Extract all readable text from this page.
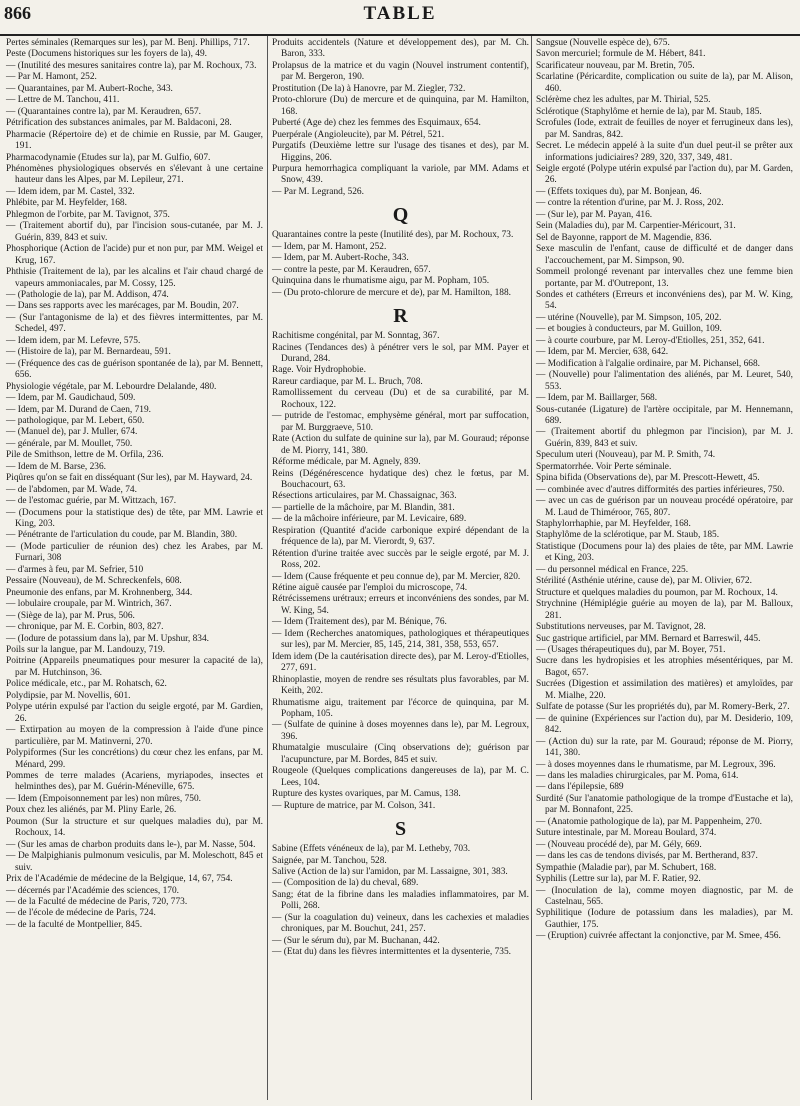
866	TABLE

Pertes séminales (Remarques sur les), par M. Benj. Phillips, 717.

Peste (Documens historiques sur les foyers de la), 49.

— (Inutilité des mesures sanitaires contre la), par M. Rochoux, 73.

— Par M. Hamont, 252.

— Quarantaines, par M. Aubert-Roche, 343.

— Lettre de M. Tanchou, 411.

— (Quarantaines contre la), par M. Keraudren, 657.

Pétrification des substances animales, par M. Baldaconi, 28.

Pharmacie (Répertoire de) et de chimie en Russie, par M. Gauger, 191.

Pharmacodynamie (Etudes sur la), par M. Gulfio, 607.

Phénomènes physiologiques observés en s'élevant à une certaine hauteur dans les Alpes, par M. Lepileur, 271.

— Idem idem, par M. Castel, 332.

Phlébite, par M. Heyfelder, 168.

Phlegmon de l'orbite, par M. Tavignot, 375.

— (Traitement abortif du), par l'incision sous-cutanée, par M. J. Guérin, 839, 843 et suiv.

Phosphorique (Action de l'acide) pur et non pur, par MM. Weigel et Krug, 167.

Phthisie (Traitement de la), par les alcalins et l'air chaud chargé de vapeurs ammoniacales, par M. Cossy, 125.

— (Pathologie de la), par M. Addison, 474.

— Dans ses rapports avec les marécages, par M. Boudin, 207.

— (Sur l'antagonisme de la) et des fièvres intermittentes, par M. Schedel, 497.

— Idem idem, par M. Lefevre, 575.

— (Histoire de la), par M. Bernardeau, 591.

— (Fréquence des cas de guérison spontanée de la), par M. Bennett, 656.

Physiologie végétale, par M. Lebourdre Delalande, 480.

— Idem, par M. Gaudichaud, 509.

— Idem, par M. Durand de Caen, 719.

— pathologique, par M. Lebert, 650.

— (Manuel de), par J. Muller, 674.

— générale, par M. Moullet, 750.

Pile de Smithson, lettre de M. Orfila, 236.

— Idem de M. Barse, 236.

Piqûres qu'on se fait en disséquant (Sur les), par M. Hayward, 24.

— de l'abdomen, par M. Wade, 74.

— de l'estomac guérie, par M. Wittzach, 167.

— (Documens pour la statistique des) de tête, par MM. Lawrie et King, 203.

— Pénétrante de l'articulation du coude, par M. Blandin, 380.

— (Mode particulier de réunion des) chez les Arabes, par M. Furnari, 308

— d'armes à feu, par M. Sefrier, 510

Pessaire (Nouveau), de M. Schreckenfels, 608.

Pneumonie des enfans, par M. Krohnenberg, 344.

— lobulaire croupale, par M. Wintrich, 367.

— (Siège de la), par M. Prus, 506.

— chronique, par M. E. Corbin, 803, 827.

— (Iodure de potassium dans la), par M. Upshur, 834.

Poils sur la langue, par M. Landouzy, 719.

Poitrine (Appareils pneumatiques pour mesurer la capacité de la), par M. Hutchinson, 36.

Police médicale, etc., par M. Rohatsch, 62.

Polydipsie, par M. Novellis, 601.

Polype utérin expulsé par l'action du seigle ergoté, par M. Gardien, 26.

— Extirpation au moyen de la compression à l'aide d'une pince particulière, par M. Matinverni, 270.

Polypiformes (Sur les concrétions) du cœur chez les enfans, par M. Ménard, 299.

Pommes de terre malades (Acariens, myriapodes, insectes et helminthes des), par M. Guérin-Méneville, 675.

— Idem (Empoisonnement par les) non mûres, 750.

Poux chez les aliénés, par M. Pliny Earle, 26.

Poumon (Sur la structure et sur quelques maladies du), par M. Rochoux, 14.

— (Sur les amas de charbon produits dans le-), par M. Nasse, 504.

— De Malpighianis pulmonum vesiculis, par M. Moleschott, 845 et suiv.

Prix de l'Académie de médecine de la Belgique, 14, 67, 754.

— décernés par l'Académie des sciences, 170.

— de la Faculté de médecine de Paris, 720, 773.

— de l'école de médecine de Paris, 724.

— de la faculté de Montpellier, 845.

Produits accidentels (Nature et développement des), par M. Ch. Baron, 333.

Prolapsus de la matrice et du vagin (Nouvel instrument contentif), par M. Bergeron, 190.

Prostitution (De la) à Hanovre, par M. Ziegler, 732.

Proto-chlorure (Du) de mercure et de quinquina, par M. Hamilton, 168.

Puberté (Age de) chez les femmes des Esquimaux, 654.

Puerpérale (Angioleucite), par M. Pétrel, 521.

Purgatifs (Deuxième lettre sur l'usage des tisanes et des), par M. Higgins, 206.

Purpura hemorrhagica compliquant la variole, par MM. Adams et Snow, 439.

— Par M. Legrand, 526.

Q

Quarantaines contre la peste (Inutilité des), par M. Rochoux, 73.

— Idem, par M. Hamont, 252.

— Idem, par M. Aubert-Roche, 343.

— contre la peste, par M. Keraudren, 657.

Quinquina dans le rhumatisme aigu, par M. Popham, 105.

— (Du proto-chlorure de mercure et de), par M. Hamilton, 188.

R

Rachitisme congénital, par M. Sonntag, 367.

Racines (Tendances des) à pénétrer vers le sol, par MM. Payer et Durand, 284.

Rage. Voir Hydrophobie.

Rareur cardiaque, par M. L. Bruch, 708.

Ramollissement du cerveau (Du) et de sa curabilité, par M. Rochoux, 122.

— putride de l'estomac, emphysème général, mort par suffocation, par M. Burggraeve, 510.

Rate (Action du sulfate de quinine sur la), par M. Gouraud; réponse de M. Piorry, 141, 380.

Réforme médicale, par M. Agnely, 839.

Reins (Dégénérescence hydatique des) chez le fœtus, par M. Bouchacourt, 63.

Résections articulaires, par M. Chassaignac, 363.

— partielle de la mâchoire, par M. Blandin, 381.

— de la mâchoire inférieure, par M. Levicaire, 689.

Respiration (Quantité d'acide carbonique expiré dépendant de la fréquence de la), par M. Vierordt, 9, 637.

Rétention d'urine traitée avec succès par le seigle ergoté, par M. J. Ross, 202.

— Idem (Cause fréquente et peu connue de), par M. Mercier, 820.

Rétine aiguë causée par l'emploi du microscope, 74.

Rétrécissemens urétraux; erreurs et inconvéniens des sondes, par M. W. King, 54.

— Idem (Traitement des), par M. Bénique, 76.

— Idem (Recherches anatomiques, pathologiques et thérapeutiques sur les), par M. Mercier, 85, 145, 214, 381, 358, 553, 657.

Idem idem (De la cautérisation directe des), par M. Leroy-d'Etiolles, 277, 691.

Rhinoplastie, moyen de rendre ses résultats plus favorables, par M. Keith, 202.

Rhumatisme aigu, traitement par l'écorce de quinquina, par M. Popham, 105.

— (Sulfate de quinine à doses moyennes dans le), par M. Legroux, 396.

Rhumatalgie musculaire (Cinq observations de); guérison par l'acupuncture, par M. Bordes, 845 et suiv.

Rougeole (Quelques complications dangereuses de la), par M. C. Lees, 104.

Rupture des kystes ovariques, par M. Camus, 138.

— Rupture de matrice, par M. Colson, 341.

S

Sabine (Effets vénéneux de la), par M. Letheby, 703.

Saignée, par M. Tanchou, 528.

Salive (Action de la) sur l'amidon, par M. Lassaigne, 301, 383.

— (Composition de la) du cheval, 689.

Sang; état de la fibrine dans les maladies inflammatoires, par M. Polli, 268.

— (Sur la coagulation du) veineux, dans les cachexies et maladies chroniques, par M. Bouchut, 241, 257.

— (Sur le sérum du), par M. Buchanan, 442.

— (Etat du) dans les fièvres intermittentes et la dysenterie, 735.

Sangsue (Nouvelle espèce de), 675.

Savon mercuriel; formule de M. Hébert, 841.

Scarificateur nouveau, par M. Bretin, 705.

Scarlatine (Péricardite, complication ou suite de la), par M. Alison, 460.

Sclérème chez les adultes, par M. Thirial, 525.

Sclérotique (Staphylôme et hernie de la), par M. Staub, 185.

Scrofules (Iode, extrait de feuilles de noyer et ferrugineux dans les), par M. Sandras, 842.

Secret. Le médecin appelé à la suite d'un duel peut-il se prêter aux informations judiciaires? 289, 320, 337, 349, 481.

Seigle ergoté (Polype utérin expulsé par l'action du), par M. Garden, 26.

— (Effets toxiques du), par M. Bonjean, 46.

— contre la rétention d'urine, par M. J. Ross, 202.

— (Sur le), par M. Payan, 416.

Sein (Maladies du), par M. Carpentier-Méricourt, 31.

Sel de Bayonne, rapport de M. Magendie, 836.

Sexe masculin de l'enfant, cause de difficulté et de danger dans l'accouchement, par M. Simpson, 90.

Sommeil prolongé revenant par intervalles chez une femme bien portante, par M. d'Outrepont, 13.

Sondes et cathéters (Erreurs et inconvéniens des), par M. W. King, 54.

— utérine (Nouvelle), par M. Simpson, 105, 202.

— et bougies à conducteurs, par M. Guillon, 109.

— à courte courbure, par M. Leroy-d'Etiolles, 251, 352, 641.

— Idem, par M. Mercier, 638, 642.

— Modification à l'algalie ordinaire, par M. Pichansel, 668.

— (Nouvelle) pour l'alimentation des aliénés, par M. Leuret, 540, 553.

— Idem, par M. Baillarger, 568.

Sous-cutanée (Ligature) de l'artère occipitale, par M. Hennemann, 689.

— (Traitement abortif du phlegmon par l'incision), par M. J. Guérin, 839, 843 et suiv.

Speculum uteri (Nouveau), par M. P. Smith, 74.

Spermatorrhée. Voir Perte séminale.

Spina bifida (Observations de), par M. Prescott-Hewett, 45.

— combinée avec d'autres difformités des parties inférieures, 750.

— avec un cas de guérison par un nouveau procédé opératoire, par M. Laud de Thiméroor, 765, 807.

Staphylorrhaphie, par M. Heyfelder, 168.

Staphylôme de la sclérotique, par M. Staub, 185.

Statistique (Documens pour la) des plaies de tête, par MM. Lawrie et King, 203.

— du personnel médical en France, 225.

Stérilité (Asthénie utérine, cause de), par M. Olivier, 672.

Structure et quelques maladies du poumon, par M. Rochoux, 14.

Strychnine (Hémiplégie guérie au moyen de la), par M. Balloux, 281.

Substitutions nerveuses, par M. Tavignot, 28.

Suc gastrique artificiel, par MM. Bernard et Barreswil, 445.

— (Usages thérapeutiques du), par M. Boyer, 751.

Sucre dans les hydropisies et les atrophies mésentériques, par M. Bagot, 657.

Sucrées (Digestion et assimilation des matières) et amyloïdes, par M. Mialhe, 220.

Sulfate de potasse (Sur les propriétés du), par M. Romery-Berk, 27.

— de quinine (Expériences sur l'action du), par M. Desiderio, 109, 842.

— (Action du) sur la rate, par M. Gouraud; réponse de M. Piorry, 141, 380.

— à doses moyennes dans le rhumatisme, par M. Legroux, 396.

— dans les maladies chirurgicales, par M. Poma, 614.

— dans l'épilepsie, 689

Surdité (Sur l'anatomie pathologique de la trompe d'Eustache et la), par M. Bonnafont, 225.

— (Anatomie pathologique de la), par M. Pappenheim, 270.

Suture intestinale, par M. Moreau Boulard, 374.

— (Nouveau procédé de), par M. Gély, 669.

— dans les cas de tendons divisés, par M. Bertherand, 837.

Sympathie (Maladie par), par M. Schubert, 168.

Syphilis (Lettre sur la), par M. F. Ratier, 92.

— (Inoculation de la), comme moyen diagnostic, par M. de Castelnau, 565.

Syphilitique (Iodure de potassium dans les maladies), par M. Gauthier, 175.

— (Eruption) cuivrée affectant la conjonctive, par M. Smee, 456.
